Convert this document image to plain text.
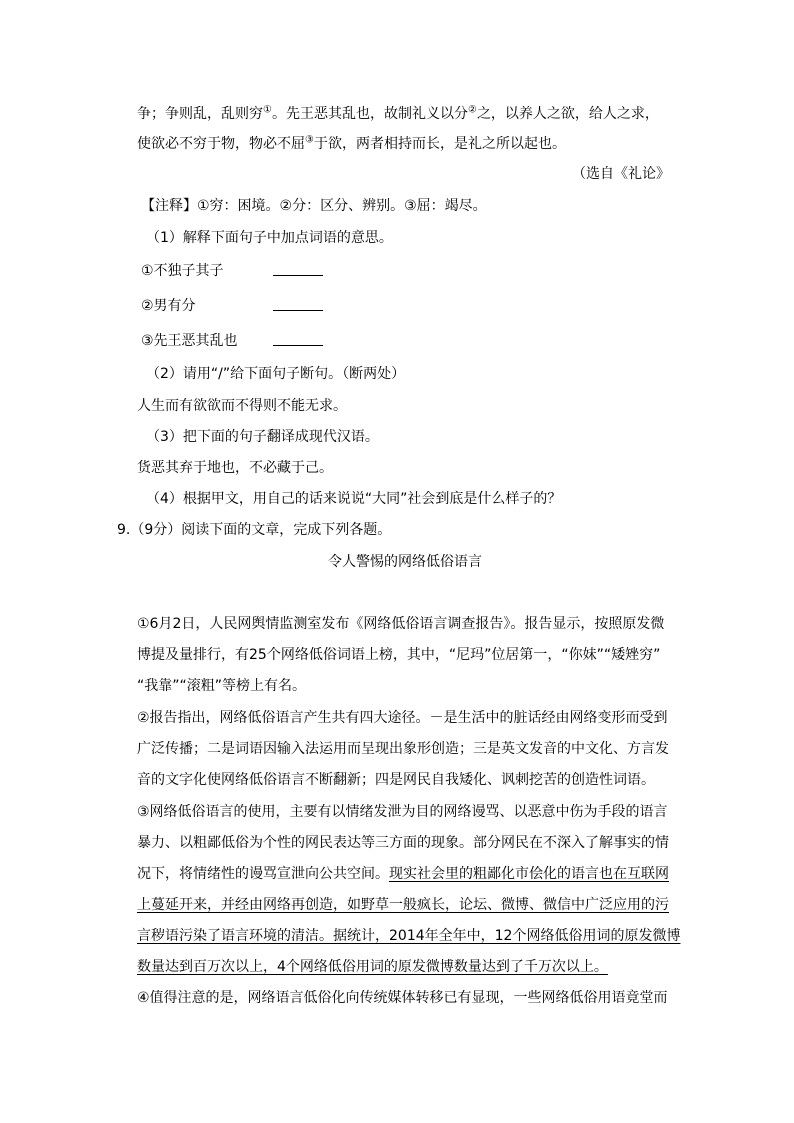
争；争则乱，乱则穷①。先王恶其乱也，故制礼义以分②之，以养人之欲，给人之求，
使欲必不穷于物，物必不屈③于欲，两者相持而长，是礼之所以起也。
（选自《礼论》
【注释】①穷：困境。②分：区分、辨别。③屈：竭尽。
（1）解释下面句子中加点词语的意思。
①不独子其子
②男有分
③先王恶其乱也
（2）请用“/”给下面句子断句。（断两处）
人生而有欲欲而不得则不能无求。
（3）把下面的句子翻译成现代汉语。
货恶其弃于地也，不必藏于己。
（4）根据甲文，用自己的话来说说“大同”社会到底是什么样子的？
9.（9分）阅读下面的文章，完成下列各题。
令人警惕的网络低俗语言
①6月2日，人民网舆情监测室发布《网络低俗语言调查报告》。报告显示，按照原发微
博提及量排行，有25个网络低俗词语上榜，其中，“尼玛”位居第一，“你妹”“矮矬穷”
“我靠”“滚粗”等榜上有名。
②报告指出，网络低俗语言产生共有四大途径。－是生活中的脏话经由网络变形而受到
广泛传播；二是词语因输入法运用而呈现出象形创造；三是英文发音的中文化、方言发
音的文字化使网络低俗语言不断翻新；四是网民自我矮化、讽刺挖苦的创造性词语。
③网络低俗语言的使用，主要有以情绪发泄为目的网络谩骂、以恶意中伤为手段的语言
暴力、以粗鄙低俗为个性的网民表达等三方面的现象。部分网民在不深入了解事实的情
况下，将情绪性的谩骂宣泄向公共空间。现实社会里的粗鄙化市侩化的语言也在互联网
上蔓延开来，并经由网络再创造，如野草一般疯长，论坛、微博、微信中广泛应用的污
言秽语污染了语言环境的清洁。据统计，2014年全年中，12个网络低俗用词的原发微博
数量达到百万次以上，4个网络低俗用词的原发微博数量达到了千万次以上。
④值得注意的是，网络语言低俗化向传统媒体转移已有显现，一些网络低俗用语竟堂而
